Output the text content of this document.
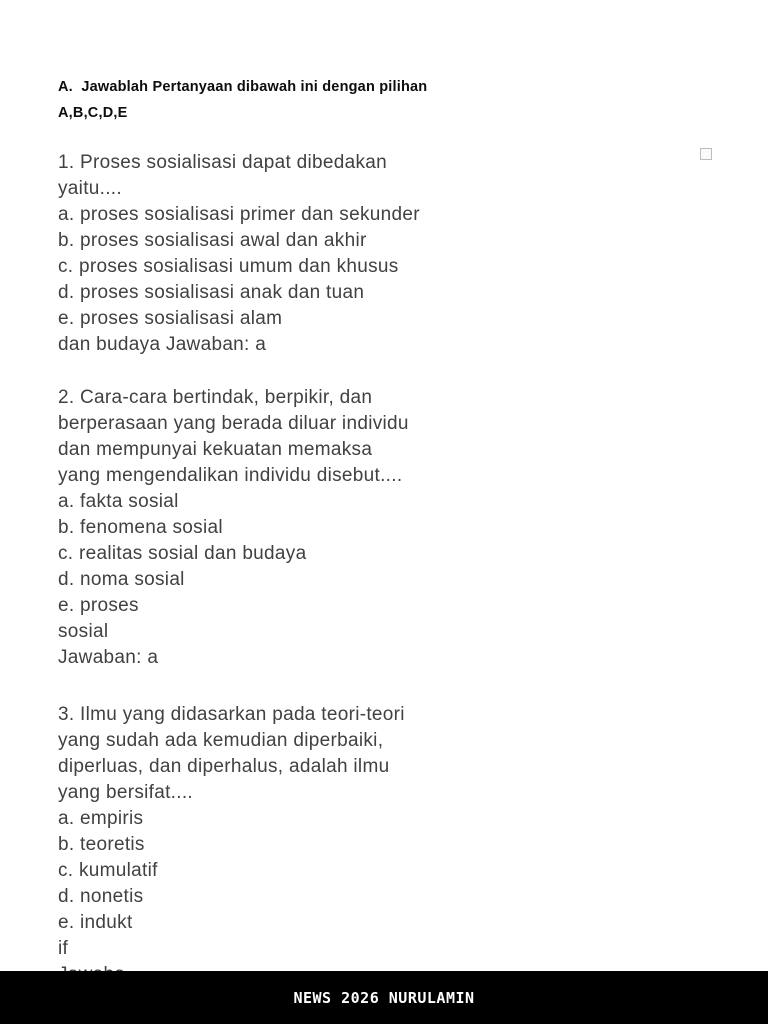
A.  Jawablah Pertanyaan dibawah ini dengan pilihan
A,B,C,D,E
1. Proses sosialisasi dapat dibedakan
yaitu....
a. proses sosialisasi primer dan sekunder
b. proses sosialisasi awal dan akhir
c. proses sosialisasi umum dan khusus
d. proses sosialisasi anak dan tuan
e. proses sosialisasi alam
dan budaya Jawaban: a
2. Cara-cara bertindak, berpikir, dan
berperasaan yang berada diluar individu
dan mempunyai kekuatan memaksa
yang mengendalikan individu disebut....
a. fakta sosial
b. fenomena sosial
c. realitas sosial dan budaya
d. noma sosial
e. proses
sosial
Jawaban: a
3. Ilmu yang didasarkan pada teori-teori
yang sudah ada kemudian diperbaiki,
diperluas, dan diperhalus, adalah ilmu
yang bersifat....
a. empiris
b. teoretis
c. kumulatif
d. nonetis
e. indukt
if
NEWS 2026 NURULAMIN
